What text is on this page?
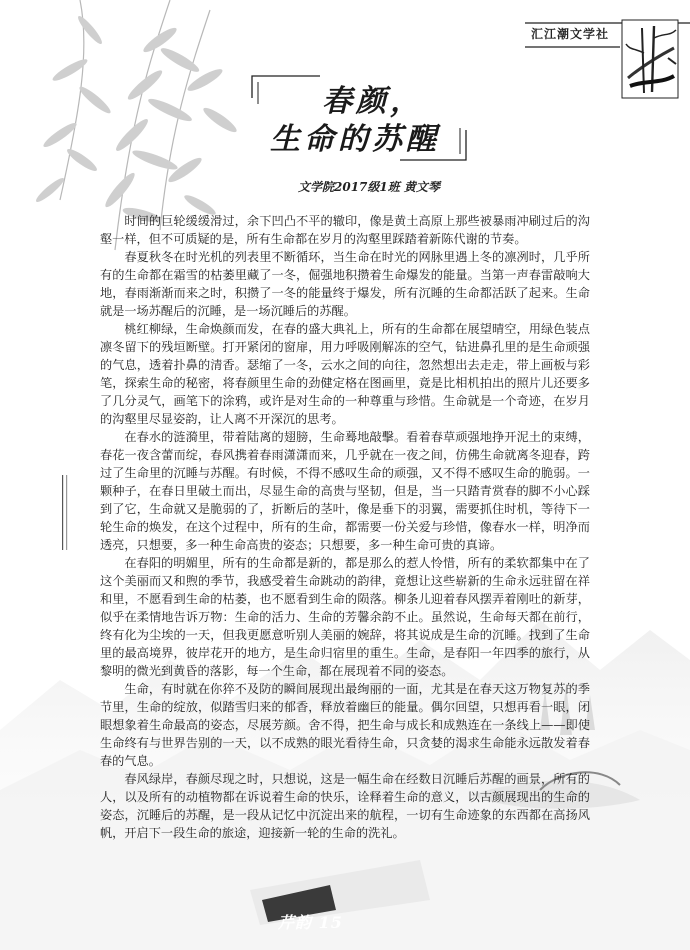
汇江潮文学社
春颜，
生命的苏醒
文学院2017级1班 黄文琴

时间的巨轮缓缓滑过，余下凹凸不平的辙印，像是黄土高原上那些被暴雨冲刷过后的沟壑一样，但不可质疑的是，所有生命都在岁月的沟壑里踩踏着新陈代谢的节奏。

春夏秋冬在时光机的列表里不断循环，当生命在时光的网脉里遇上冬的凛冽时，几乎所有的生命都在霜雪的枯萎里藏了一冬，倔强地积攒着生命爆发的能量。当第一声春雷敲响大地，春雨渐渐而来之时，积攒了一冬的能量终于爆发，所有沉睡的生命都活跃了起来。生命就是一场苏醒后的沉睡，是一场沉睡后的苏醒。

桃红柳绿，生命焕颜而发，在春的盛大典礼上，所有的生命都在展望晴空，用绿色装点凛冬留下的残垣断壁。打开紧闭的窗扉，用力呼吸刚解冻的空气，钻进鼻孔里的是生命顽强的气息，透着扑鼻的清香。瑟缩了一冬，云水之间的向往，忽然想出去走走，带上画板与彩笔，探索生命的秘密，将春颜里生命的劲健定格在图画里，竟是比相机拍出的照片儿还要多了几分灵气，画笔下的涂鸦，或许是对生命的一种尊重与珍惜。生命就是一个奇迹，在岁月的沟壑里尽显姿韵，让人离不开深沉的思考。

在春水的涟漪里，带着陆离的翅膀，生命蓦地敲擊。看着春草顽强地挣开泥土的束缚，春花一夜含蕾而绽，春风携着春雨潇潇而来，几乎就在一夜之间，仿佛生命就离冬迎春，跨过了生命里的沉睡与苏醒。有时候，不得不感叹生命的顽强，又不得不感叹生命的脆弱。一颗种子，在春日里破土而出，尽显生命的高贵与坚韧，但是，当一只踏青赏春的脚不小心踩到了它，生命就又是脆弱的了，折断后的茎叶，像是垂下的羽翼，需要抓住时机，等待下一轮生命的焕发，在这个过程中，所有的生命，都需要一份关爱与珍惜，像春水一样，明净而透亮，只想要，多一种生命高贵的姿态；只想要，多一种生命可贵的真谛。

在春阳的明媚里，所有的生命都是新的，都是那么的惹人怜惜，所有的柔软都集中在了这个美丽而又和煦的季节，我感受着生命跳动的韵律，竟想让这些崭新的生命永远驻留在祥和里，不愿看到生命的枯萎，也不愿看到生命的陨落。柳条儿迎着春风摆弄着刚吐的新芽，似乎在柔情地告诉万物：生命的活力、生命的芳馨余韵不止。虽然说，生命每天都在前行，终有化为尘埃的一天，但我更愿意听别人美丽的婉辞，将其说成是生命的沉睡。找到了生命里的最高境界，彼岸花开的地方，是生命归宿里的重生。生命，是春阳一年四季的旅行，从黎明的微光到黄昏的落影，每一个生命，都在展现着不同的姿态。

生命，有时就在你猝不及防的瞬间展现出最绚丽的一面，尤其是在春天这万物复苏的季节里，生命的绽放，似踏雪归来的郁香，释放着幽巨的能量。偶尔回望，只想再看一眼，闭眼想象着生命最高的姿态，尽展芳颜。舍不得，把生命与成长和成熟连在一条线上——即使生命终有与世界告别的一天，以不成熟的眼光看待生命，只贪婪的渴求生命能永远散发着春春的气息。

春风绿岸，春颜尽现之时，只想说，这是一幅生命在经数日沉睡后苏醒的画景，所有的人，以及所有的动植物都在诉说着生命的快乐，诠释着生命的意义，以古颜展现出的生命的姿态，沉睡后的苏醒，是一段从记忆中沉淀出来的航程，一切有生命迹象的东西都在高扬风帆，开启下一段生命的旅途，迎接新一轮的生命的洗礼。

芹韵 15
